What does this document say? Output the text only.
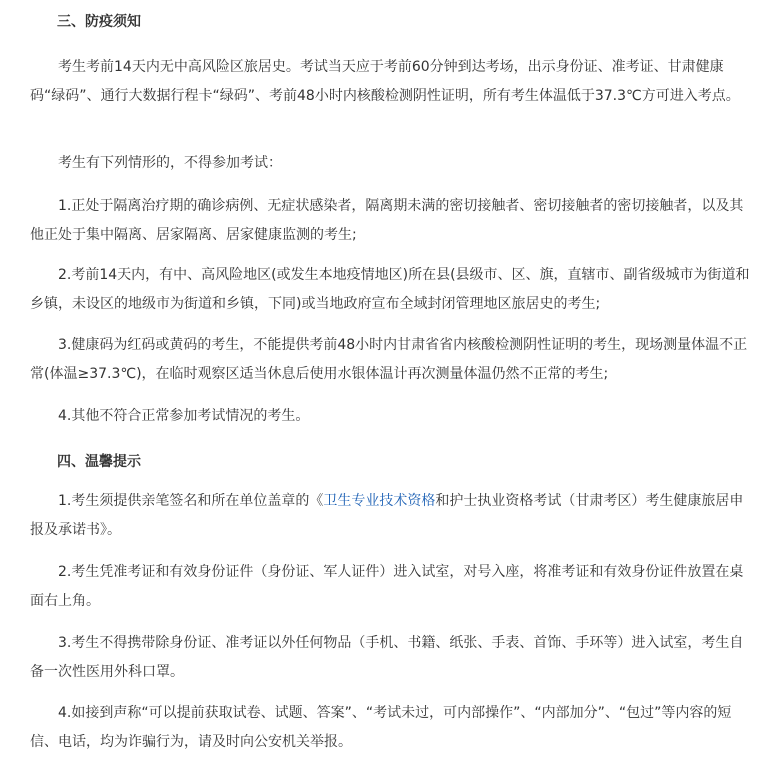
三、防疫须知
考生考前14天内无中高风险区旅居史。考试当天应于考前60分钟到达考场，出示身份证、准考证、甘肃健康码“绿码”、通行大数据行程卡“绿码”、考前48小时内核酸检测阴性证明，所有考生体温低于37.3℃方可进入考点。
考生有下列情形的，不得参加考试：
1.正处于隔离治疗期的确诊病例、无症状感染者，隔离期未满的密切接触者、密切接触者的密切接触者，以及其他正处于集中隔离、居家隔离、居家健康监测的考生;
2.考前14天内，有中、高风险地区(或发生本地疫情地区)所在县(县级市、区、旗，直辖市、副省级城市为街道和乡镇，未设区的地级市为街道和乡镇，下同)或当地政府宣布全域封闭管理地区旅居史的考生;
3.健康码为红码或黄码的考生，不能提供考前48小时内甘肃省省内核酸检测阴性证明的考生，现场测量体温不正常(体温≥37.3℃)，在临时观察区适当休息后使用水银体温计再次测量体温仍然不正常的考生;
4.其他不符合正常参加考试情况的考生。
四、温馨提示
1.考生须提供亲笔签名和所在单位盖章的《卫生专业技术资格和护士执业资格考试（甘肃考区）考生健康旅居申报及承诺书》。
2.考生凭准考证和有效身份证件（身份证、军人证件）进入试室，对号入座，将准考证和有效身份证件放置在桌面右上角。
3.考生不得携带除身份证、准考证以外任何物品（手机、书籍、纸张、手表、首饰、手环等）进入试室，考生自备一次性医用外科口罩。
4.如接到声称“可以提前获取试卷、试题、答案”、“考试未过，可内部操作”、“内部加分”、“包过”等内容的短信、电话，均为诈骗行为，请及时向公安机关举报。
